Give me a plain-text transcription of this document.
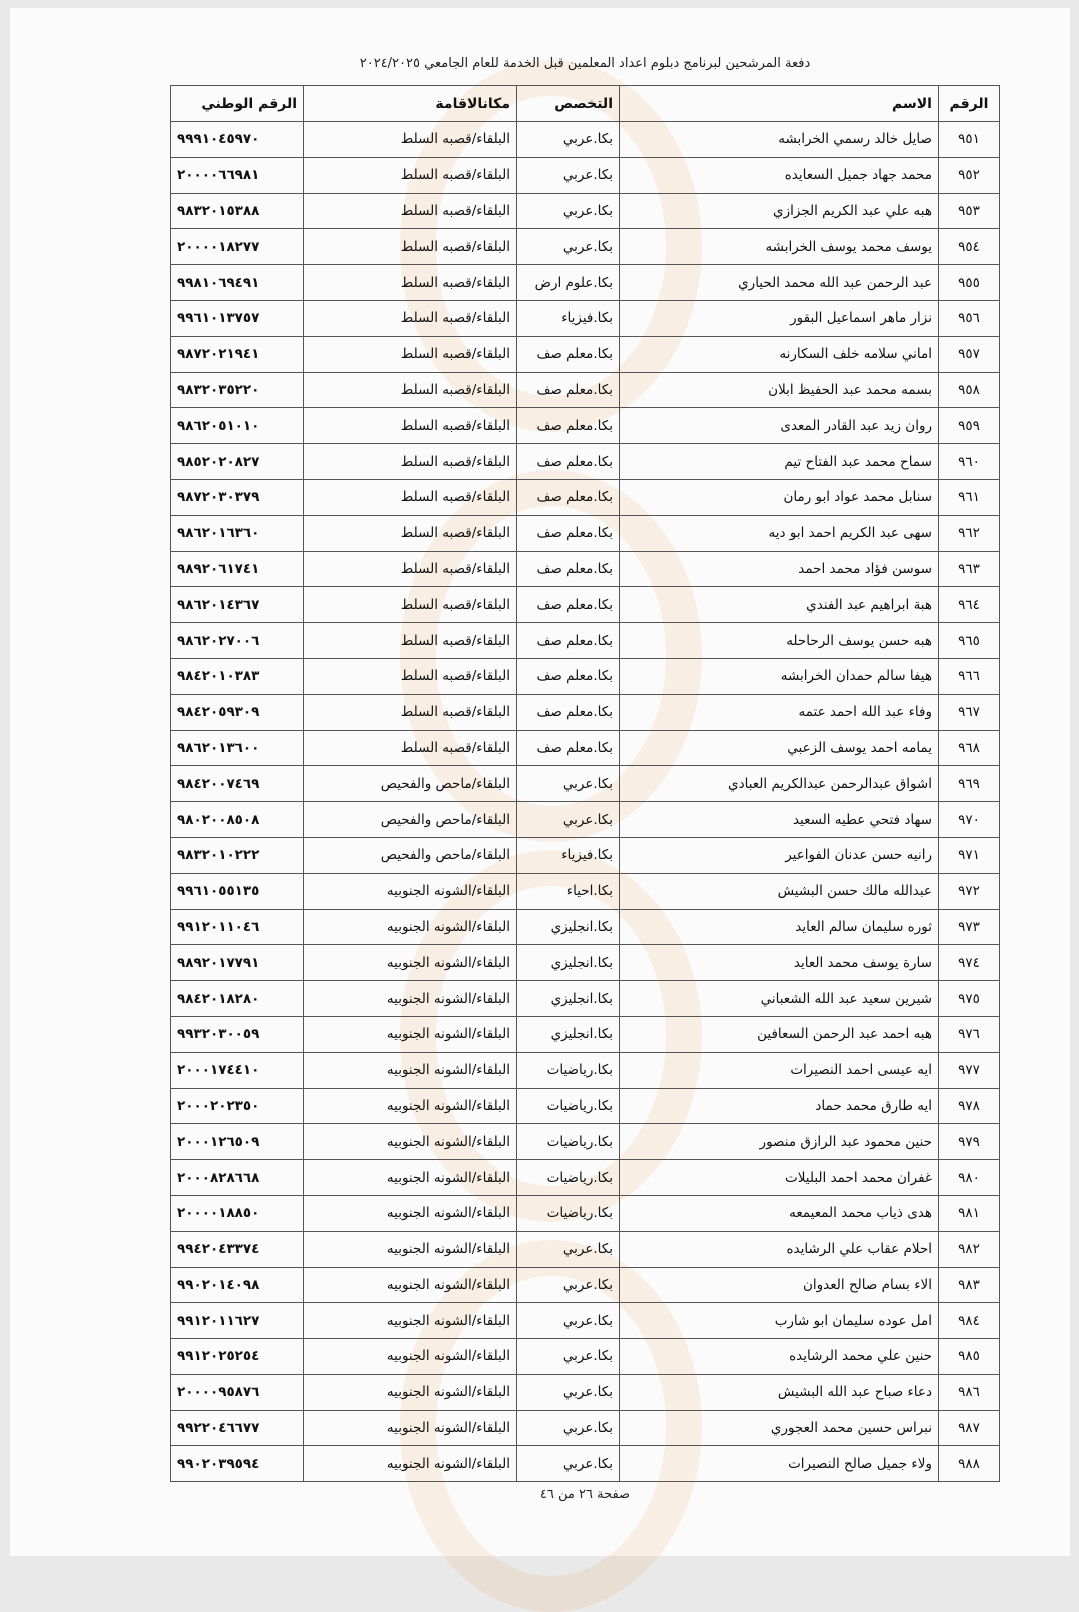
دفعة المرشحين لبرنامج دبلوم اعداد المعلمين قبل الخدمة للعام الجامعي ٢٠٢٤/٢٠٢٥
الرقم	الاسم	التخصص	مكانالاقامة	الرقم الوطني
٩٥١	صايل خالد رسمي الخرابشه	بكا.عربي	البلقاء/قصبه السلط	٩٩٩١٠٤٥٩٧٠
٩٥٢	محمد جهاد جميل السعايده	بكا.عربي	البلقاء/قصبه السلط	٢٠٠٠٠٦٦٩٨١
٩٥٣	هبه علي عبد الكريم الجزازي	بكا.عربي	البلقاء/قصبه السلط	٩٨٣٢٠١٥٣٨٨
٩٥٤	يوسف محمد يوسف الخرابشه	بكا.عربي	البلقاء/قصبه السلط	٢٠٠٠٠١٨٢٧٧
٩٥٥	عبد الرحمن عبد الله محمد الحياري	بكا.علوم ارض	البلقاء/قصبه السلط	٩٩٨١٠٦٩٤٩١
٩٥٦	نزار ماهر اسماعيل البقور	بكا.فيزياء	البلقاء/قصبه السلط	٩٩٦١٠١٣٧٥٧
٩٥٧	اماني سلامه خلف السكارنه	بكا.معلم صف	البلقاء/قصبه السلط	٩٨٧٢٠٢١٩٤١
٩٥٨	بسمه محمد عبد الحفيظ ابلان	بكا.معلم صف	البلقاء/قصبه السلط	٩٨٣٢٠٣٥٢٢٠
٩٥٩	روان زيد عبد القادر المعدى	بكا.معلم صف	البلقاء/قصبه السلط	٩٨٦٢٠٥١٠١٠
٩٦٠	سماح محمد عبد الفتاح تيم	بكا.معلم صف	البلقاء/قصبه السلط	٩٨٥٢٠٢٠٨٢٧
٩٦١	سنابل محمد عواد ابو رمان	بكا.معلم صف	البلقاء/قصبه السلط	٩٨٧٢٠٣٠٣٧٩
٩٦٢	سهى عبد الكريم احمد ابو ديه	بكا.معلم صف	البلقاء/قصبه السلط	٩٨٦٢٠١٦٣٦٠
٩٦٣	سوسن فؤاد محمد احمد	بكا.معلم صف	البلقاء/قصبه السلط	٩٨٩٢٠٦١٧٤١
٩٦٤	هبة ابراهيم عبد الفندي	بكا.معلم صف	البلقاء/قصبه السلط	٩٨٦٢٠١٤٣٦٧
٩٦٥	هبه حسن يوسف الرحاحله	بكا.معلم صف	البلقاء/قصبه السلط	٩٨٦٢٠٢٧٠٠٦
٩٦٦	هيفا سالم حمدان الخرابشه	بكا.معلم صف	البلقاء/قصبه السلط	٩٨٤٢٠١٠٣٨٣
٩٦٧	وفاء عبد الله احمد عتمه	بكا.معلم صف	البلقاء/قصبه السلط	٩٨٤٢٠٥٩٣٠٩
٩٦٨	يمامه احمد يوسف الزعبي	بكا.معلم صف	البلقاء/قصبه السلط	٩٨٦٢٠١٣٦٠٠
٩٦٩	اشواق عبدالرحمن عبدالكريم العبادي	بكا.عربي	البلقاء/ماحص والفحيص	٩٨٤٢٠٠٧٤٦٩
٩٧٠	سهاد فتحي عطيه السعيد	بكا.عربي	البلقاء/ماحص والفحيص	٩٨٠٢٠٠٨٥٠٨
٩٧١	رانيه حسن عدنان الفواعير	بكا.فيزياء	البلقاء/ماحص والفحيص	٩٨٣٢٠١٠٢٢٢
٩٧٢	عبدالله مالك حسن البشيش	بكا.احياء	البلقاء/الشونه الجنوبيه	٩٩٦١٠٥٥١٣٥
٩٧٣	ثوره سليمان سالم العايد	بكا.انجليزي	البلقاء/الشونه الجنوبيه	٩٩١٢٠١١٠٤٦
٩٧٤	سارة يوسف محمد العايد	بكا.انجليزي	البلقاء/الشونه الجنوبيه	٩٨٩٢٠١٧٧٩١
٩٧٥	شيرين سعيد عبد الله الشعباني	بكا.انجليزي	البلقاء/الشونه الجنوبيه	٩٨٤٢٠١٨٢٨٠
٩٧٦	هبه احمد عبد الرحمن السعافين	بكا.انجليزي	البلقاء/الشونه الجنوبيه	٩٩٣٢٠٣٠٠٥٩
٩٧٧	ايه عيسى احمد النصيرات	بكا.رياضيات	البلقاء/الشونه الجنوبيه	٢٠٠٠١٧٤٤١٠
٩٧٨	ايه طارق محمد حماد	بكا.رياضيات	البلقاء/الشونه الجنوبيه	٢٠٠٠٢٠٢٣٥٠
٩٧٩	حنين محمود عبد الرازق منصور	بكا.رياضيات	البلقاء/الشونه الجنوبيه	٢٠٠٠١٢٦٥٠٩
٩٨٠	غفران محمد احمد البليلات	بكا.رياضيات	البلقاء/الشونه الجنوبيه	٢٠٠٠٨٢٨٦٦٨
٩٨١	هدى ذياب محمد المعيمعه	بكا.رياضيات	البلقاء/الشونه الجنوبيه	٢٠٠٠٠١٨٨٥٠
٩٨٢	احلام عقاب علي الرشايده	بكا.عربي	البلقاء/الشونه الجنوبيه	٩٩٤٢٠٤٣٣٧٤
٩٨٣	الاء بسام صالح العدوان	بكا.عربي	البلقاء/الشونه الجنوبيه	٩٩٠٢٠١٤٠٩٨
٩٨٤	امل عوده سليمان ابو شارب	بكا.عربي	البلقاء/الشونه الجنوبيه	٩٩١٢٠١١٦٢٧
٩٨٥	حنين علي محمد الرشايده	بكا.عربي	البلقاء/الشونه الجنوبيه	٩٩١٢٠٢٥٢٥٤
٩٨٦	دعاء صباح عبد الله البشيش	بكا.عربي	البلقاء/الشونه الجنوبيه	٢٠٠٠٠٩٥٨٧٦
٩٨٧	نبراس حسين محمد العجوري	بكا.عربي	البلقاء/الشونه الجنوبيه	٩٩٢٢٠٤٦٦٧٧
٩٨٨	ولاء جميل صالح النصيرات	بكا.عربي	البلقاء/الشونه الجنوبيه	٩٩٠٢٠٣٩٥٩٤
صفحة ٢٦ من ٤٦
